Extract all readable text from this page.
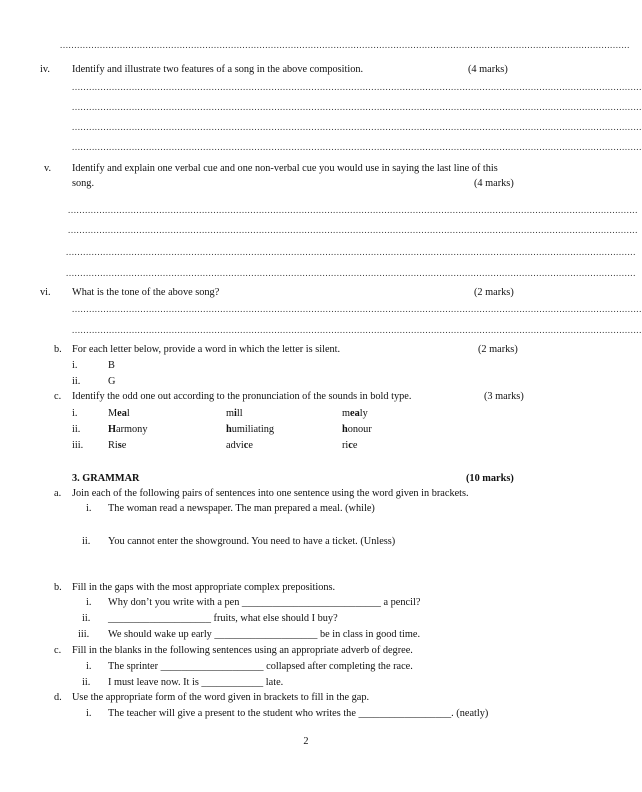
........................................................................................................................................................................................................
iv. Identify and illustrate two features of a song in the above composition.	(4 marks)
........................................................................................................................................................................................................
........................................................................................................................................................................................................
........................................................................................................................................................................................................
........................................................................................................................................................................................................
v. Identify and explain one verbal cue and one non-verbal cue you would use in saying the last line of this
song.	(4 marks)
........................................................................................................................................................................................................
........................................................................................................................................................................................................
........................................................................................................................................................................................................
........................................................................................................................................................................................................
vi. What is the tone of the above song?	(2 marks)
........................................................................................................................................................................................................
........................................................................................................................................................................................................
b. For each letter below, provide a word in which the letter is silent.	(2 marks)
i.	B
ii.	G
c. Identify the odd one out according to the pronunciation of the sounds in bold type.	(3 marks)
i.	Meal	mill	mealy
ii.	Harmony	humiliating	honour
iii. Rise	advice	rice
3. GRAMMAR	(10 marks)
a. Join each of the following pairs of sentences into one sentence using the word given in brackets.
i. The woman read a newspaper. The man prepared a meal. (while)
ii. You cannot enter the showground. You need to have a ticket. (Unless)
b. Fill in the gaps with the most appropriate complex prepositions.
i. Why don’t you write with a pen ___________________________ a pencil?
ii. ____________________ fruits, what else should I buy?
iii. We should wake up early ____________________ be in class in good time.
c. Fill in the blanks in the following sentences using an appropriate adverb of degree.
i. The sprinter ____________________ collapsed after completing the race.
ii. I must leave now. It is ____________ late.
d. Use the appropriate form of the word given in brackets to fill in the gap.
i. The teacher will give a present to the student who writes the __________________. (neatly)
2
